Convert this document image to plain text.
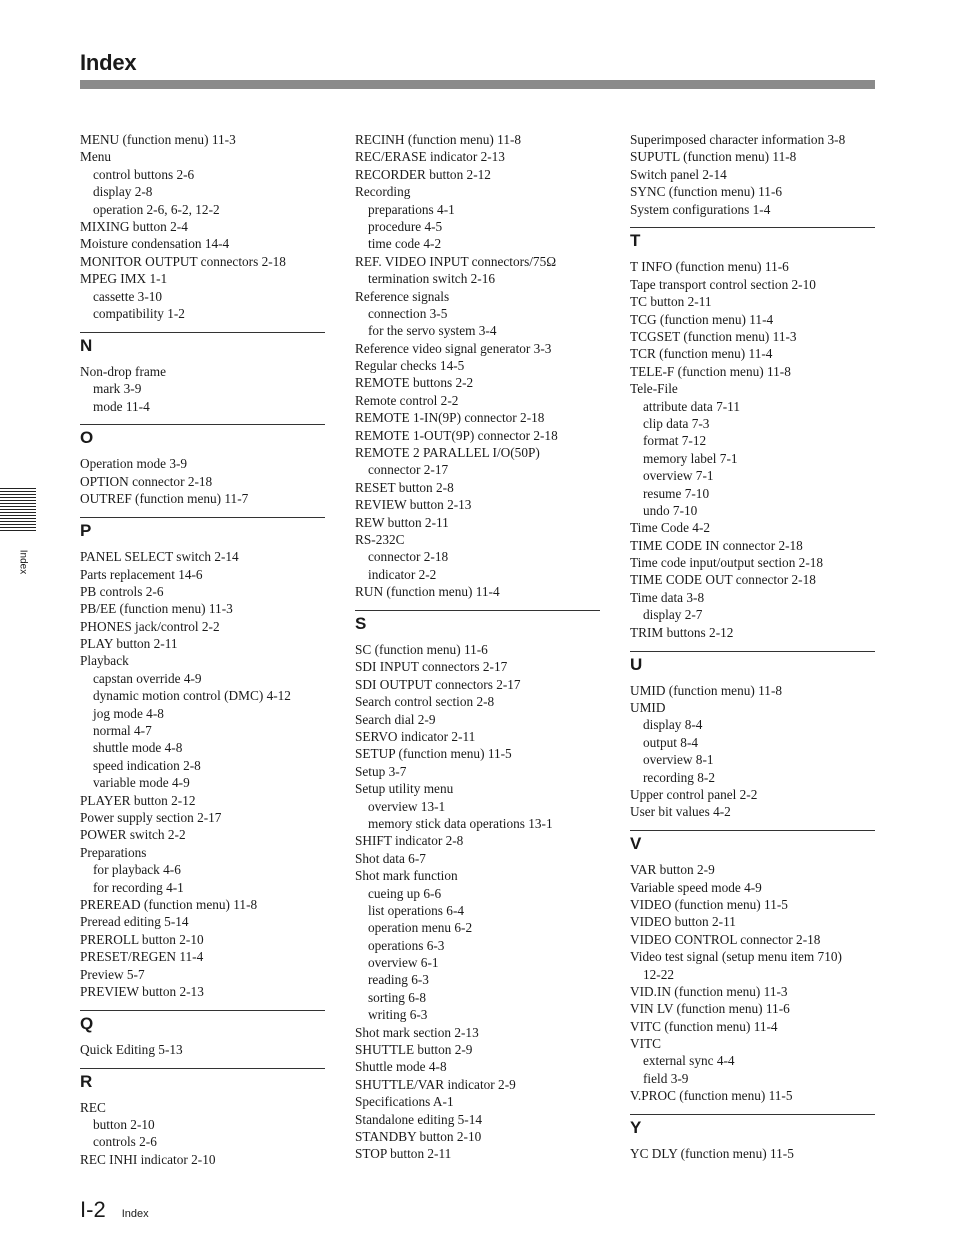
Index
MENU (function menu) 11-3
Menu
control buttons 2-6
display 2-8
operation 2-6, 6-2, 12-2
MIXING button 2-4
Moisture condensation 14-4
MONITOR OUTPUT connectors 2-18
MPEG IMX 1-1
cassette 3-10
compatibility 1-2
N
Non-drop frame
mark 3-9
mode 11-4
O
Operation mode 3-9
OPTION connector 2-18
OUTREF (function menu) 11-7
P
PANEL SELECT switch 2-14
Parts replacement 14-6
PB controls 2-6
PB/EE (function menu) 11-3
PHONES jack/control 2-2
PLAY button 2-11
Playback
capstan override 4-9
dynamic motion control (DMC) 4-12
jog mode 4-8
normal 4-7
shuttle mode 4-8
speed indication 2-8
variable mode 4-9
PLAYER button 2-12
Power supply section 2-17
POWER switch 2-2
Preparations
for playback 4-6
for recording 4-1
PREREAD (function menu) 11-8
Preread editing 5-14
PREROLL button 2-10
PRESET/REGEN 11-4
Preview 5-7
PREVIEW button 2-13
Q
Quick Editing 5-13
R
REC
button 2-10
controls 2-6
REC INHI indicator 2-10
RECINH (function menu) 11-8
REC/ERASE indicator 2-13
RECORDER button 2-12
Recording
preparations 4-1
procedure 4-5
time code 4-2
REF. VIDEO INPUT connectors/75Ω
termination switch 2-16
Reference signals
connection 3-5
for the servo system 3-4
Reference video signal generator 3-3
Regular checks 14-5
REMOTE buttons 2-2
Remote control 2-2
REMOTE 1-IN(9P) connector 2-18
REMOTE 1-OUT(9P) connector 2-18
REMOTE 2 PARALLEL I/O(50P)
connector 2-17
RESET button 2-8
REVIEW button 2-13
REW button 2-11
RS-232C
connector 2-18
indicator 2-2
RUN (function menu) 11-4
S
SC (function menu) 11-6
SDI INPUT connectors 2-17
SDI OUTPUT connectors 2-17
Search control section 2-8
Search dial 2-9
SERVO indicator 2-11
SETUP (function menu) 11-5
Setup 3-7
Setup utility menu
overview 13-1
memory stick data operations 13-1
SHIFT indicator 2-8
Shot data 6-7
Shot mark function
cueing up 6-6
list operations 6-4
operation menu 6-2
operations 6-3
overview 6-1
reading 6-3
sorting 6-8
writing 6-3
Shot mark section 2-13
SHUTTLE button 2-9
Shuttle mode 4-8
SHUTTLE/VAR indicator 2-9
Specifications A-1
Standalone editing 5-14
STANDBY button 2-10
STOP button 2-11
Superimposed character information 3-8
SUPUTL (function menu) 11-8
Switch panel 2-14
SYNC (function menu) 11-6
System configurations 1-4
T
T INFO (function menu) 11-6
Tape transport control section 2-10
TC button 2-11
TCG (function menu) 11-4
TCGSET (function menu) 11-3
TCR (function menu) 11-4
TELE-F (function menu) 11-8
Tele-File
attribute data 7-11
clip data 7-3
format 7-12
memory label 7-1
overview 7-1
resume 7-10
undo 7-10
Time Code 4-2
TIME CODE IN connector 2-18
Time code input/output section 2-18
TIME CODE OUT connector 2-18
Time data 3-8
display 2-7
TRIM buttons 2-12
U
UMID (function menu) 11-8
UMID
display 8-4
output 8-4
overview 8-1
recording 8-2
Upper control panel 2-2
User bit values 4-2
V
VAR button 2-9
Variable speed mode 4-9
VIDEO (function menu) 11-5
VIDEO button 2-11
VIDEO CONTROL connector 2-18
Video test signal (setup menu item 710)
12-22
VID.IN (function menu) 11-3
VIN LV (function menu) 11-6
VITC (function menu) 11-4
VITC
external sync 4-4
field 3-9
V.PROC (function menu) 11-5
Y
YC DLY (function menu) 11-5
Index
I-2 Index
